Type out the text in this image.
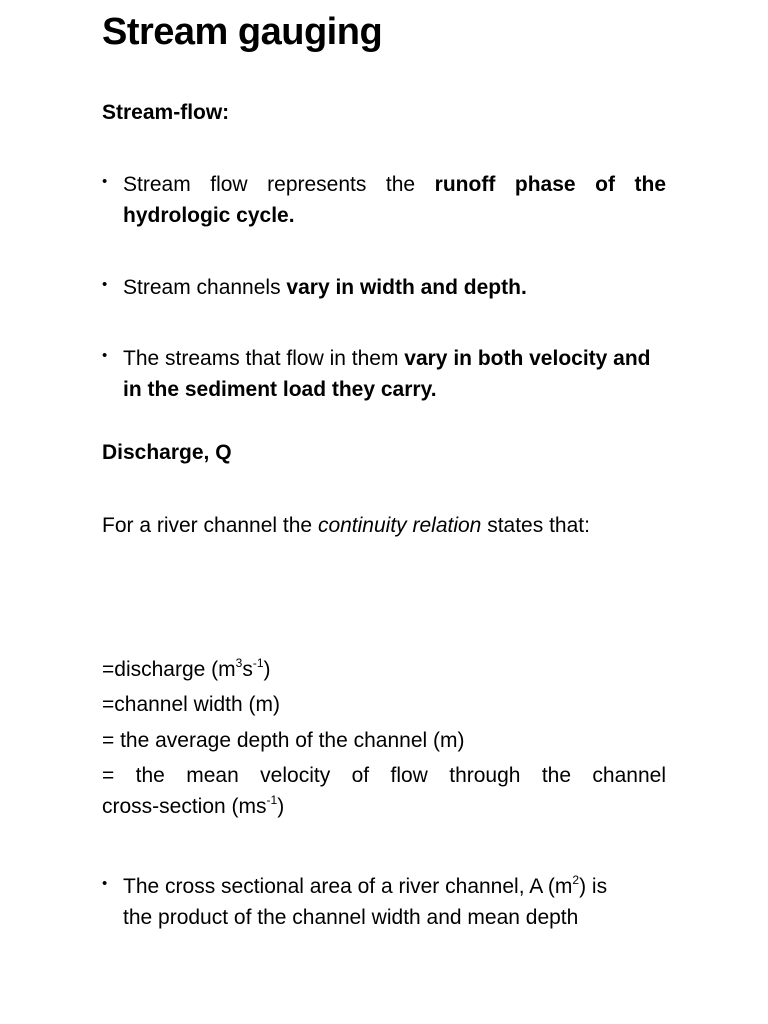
Stream gauging
Stream-flow:
• Stream flow represents the runoff phase of the hydrologic cycle.
• Stream channels vary in width and depth.
• The streams that flow in them vary in both velocity and in the sediment load they carry.
Discharge, Q
For a river channel the continuity relation states that:
=discharge $(m^3s^{-1})$
=channel width (m)
= the average depth of the channel (m)
= the mean velocity of flow through the channel
cross-section $(ms^{-1})$
• The cross sectional area of a river channel, A $(m^2)$ is
the product of the channel width and mean depth
